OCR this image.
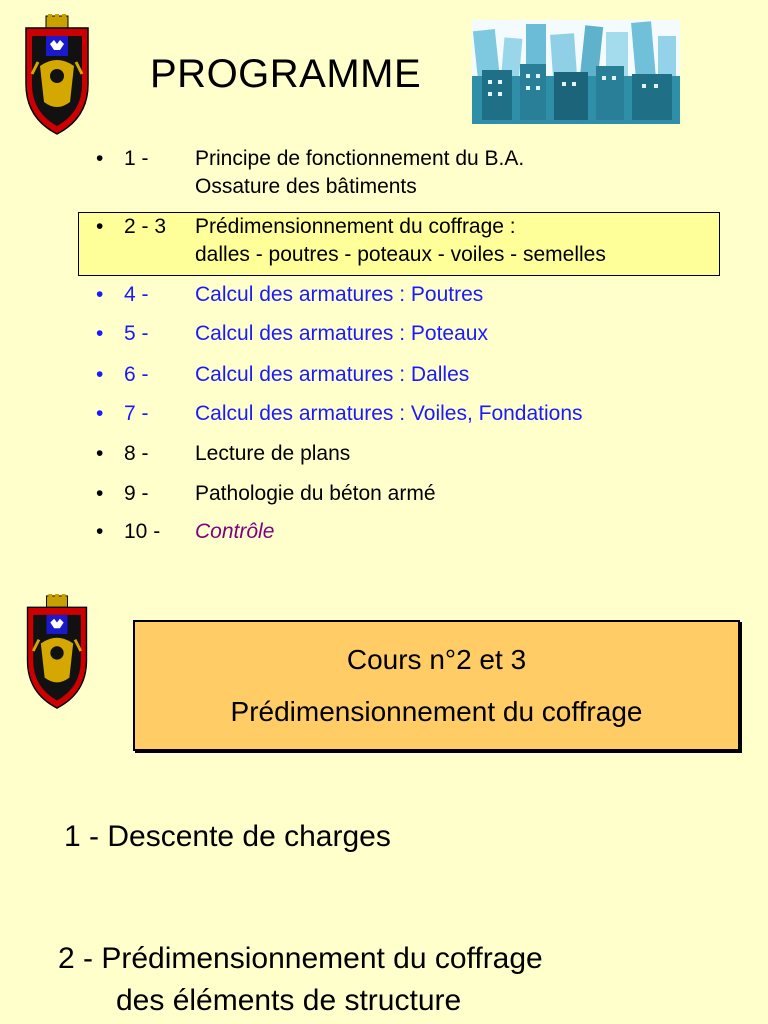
PROGRAMME
• 1 - Principe de fonctionnement du B.A.
Ossature des bâtiments
• 2 - 3 Prédimensionnement du coffrage :
dalles - poutres - poteaux - voiles - semelles
• 4 - Calcul des armatures : Poutres
• 5 - Calcul des armatures : Poteaux
• 6 - Calcul des armatures : Dalles
• 7 - Calcul des armatures : Voiles, Fondations
• 8 - Lecture de plans
• 9 - Pathologie du béton armé
• 10 - Contrôle
Cours n°2 et 3
Prédimensionnement du coffrage
1 - Descente de charges
2 - Prédimensionnement du coffrage
des éléments de structure
